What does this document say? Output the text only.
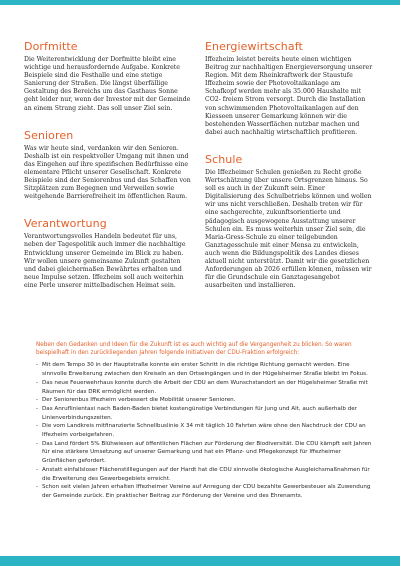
Dorfmitte

Die Weiterentwicklung der Dorfmitte bleibt eine wichtige und herausfordernde Aufgabe. Konkrete Beispiele sind die Festhalle und eine stetige Sanierung der Straßen. Die längst überfällige Gestaltung des Bereichs um das Gasthaus Sonne geht leider nur, wenn der Investor mit der Gemeinde an einem Strang zieht. Das soll unser Ziel sein.

Senioren

Was wir heute sind, verdanken wir den Senioren. Deshalb ist ein respektvoller Umgang mit ihnen und das Eingehen auf ihre spezifischen Bedürfnisse eine elementare Pflicht unserer Gesellschaft. Konkrete Beispiele sind der Seniorenbus und das Schaffen von Sitzplätzen zum Begegnen und Verweilen sowie weitgehende Barrierefreiheit im öffentlichen Raum.

Verantwortung

Verantwortungsvolles Handeln bedeutet für uns, neben der Tagespolitik auch immer die nachhaltige Entwicklung unserer Gemeinde im Blick zu haben. Wir wollen unsere gemeinsame Zukunft gestalten und dabei gleichermaßen Bewährtes erhalten und neue Impulse setzen. Iffezheim soll auch weiterhin eine Perle unserer mittelbadischen Heimat sein.

Energiewirtschaft

Iffezheim leistet bereits heute einen wichtigen Beitrag zur nachhaltigen Energieversorgung unserer Region. Mit dem Rheinkraftwerk der Staustufe Iffezheim sowie der Photovoltaikanlage am Schafkopf werden mehr als 35.000 Haushalte mit CO2- freiem Strom versorgt. Durch die Installation von schwimmenden Photovoltaikanlagen auf den Kiesseen unserer Gemarkung können wir die bestehenden Wasserflächen nutzbar machen und dabei auch nachhaltig wirtschaftlich profitieren.

Schule

Die Iffezheimer Schulen genießen zu Recht große Wertschätzung über unsere Ortsgrenzen hinaus. So soll es auch in der Zukunft sein. Einer Digitalisierung des Schulbetriebs können und wollen wir uns nicht verschließen. Deshalb treten wir für eine sachgerechte, zukunftsorientierte und pädagogisch ausgewogene Ausstattung unserer Schulen ein. Es muss weiterhin unser Ziel sein, die Maria-Gress-Schule zu einer teilgebunden Ganztagesschule mit einer Mensa zu entwickeln, auch wenn die Bildungspolitik des Landes dieses aktuell nicht unterstützt. Damit wir die gesetzlichen Anforderungen ab 2026 erfüllen können, müssen wir für die Grundschule ein Ganztagesangebot ausarbeiten und installieren.

Neben den Gedanken und Ideen für die Zukunft ist es auch wichtig auf die Vergangenheit zu blicken. So waren beispielhaft in den zurückliegenden Jahren folgende Initiativen der CDU-Fraktion erfolgreich:

- Mit dem Tempo 30 in der Hauptstraße konnte ein erster Schritt in die richtige Richtung gemacht werden. Eine sinnvolle Erweiterung zwischen den Kreiseln an den Ortseingängen und in der Hügelsheimer Straße bleibt im Fokus.
- Das neue Feuerwehrhaus konnte durch die Arbeit der CDU an dem Wunschstandort an der Hügelsheimer Straße mit Räumen für das DRK ermöglicht werden.
- Der Seniorenbus Iffezheim verbessert die Mobilität unserer Senioren.
- Das Anruflinientaxi nach Baden-Baden bietet kostengünstige Verbindungen für Jung und Alt, auch außerhalb der Linienverbindungszeiten.
- Die vom Landkreis mitfinanzierte Schnellbuslinie X 34 mit täglich 10 Fahrten wäre ohne den Nachdruck der CDU an Iffezheim vorbeigefahren.
- Das Land fördert 5% Blühwiesen auf öffentlichen Flächen zur Förderung der Biodiversität. Die CDU kämpft seit Jahren für eine stärkere Umsetzung auf unserer Gemarkung und hat ein Pflanz- und Pflegekonzept für Iffezheimer Grünflächen gefordert.
- Anstatt einfallsloser Flächenstilllegungen auf der Hardt hat die CDU sinnvolle ökologische Ausgleichsmaßnahmen für die Erweiterung des Gewerbegebiets erreicht.
- Schon seit vielen Jahren erhalten Iffezheimer Vereine auf Anregung der CDU bezahlte Gewerbesteuer als Zuwendung der Gemeinde zurück. Ein praktischer Beitrag zur Förderung der Vereine und des Ehrenamts.
